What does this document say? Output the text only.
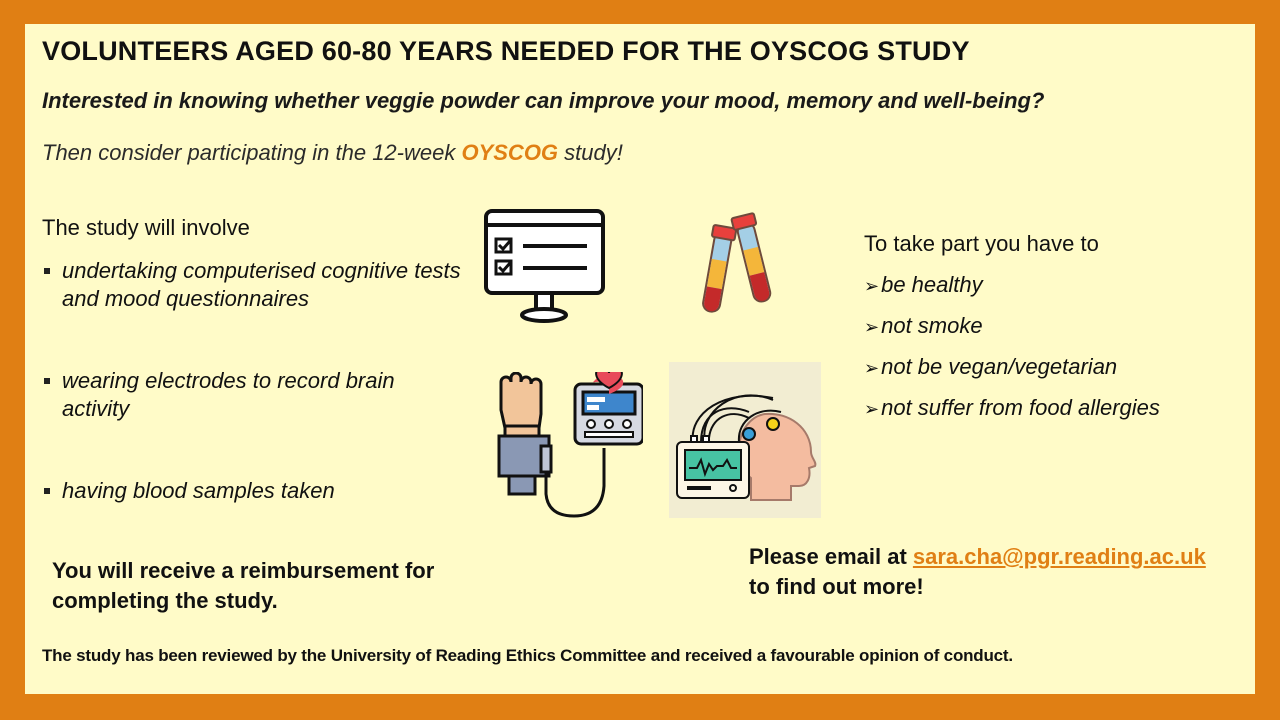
VOLUNTEERS AGED 60-80 YEARS NEEDED FOR THE OYSCOG STUDY
Interested in knowing whether veggie powder can improve your mood, memory and well-being?
Then consider participating in the 12-week OYSCOG study!
The study will involve
undertaking computerised cognitive tests and mood questionnaires
wearing electrodes to record brain activity
having blood samples taken
To take part you have to
➢be healthy
➢not smoke
➢not be vegan/vegetarian
➢not suffer from food allergies
You will receive a reimbursement for completing the study.
Please email at sara.cha@pgr.reading.ac.uk
to find out more!
The study has been reviewed by the University of Reading Ethics Committee and received a favourable opinion of conduct.
